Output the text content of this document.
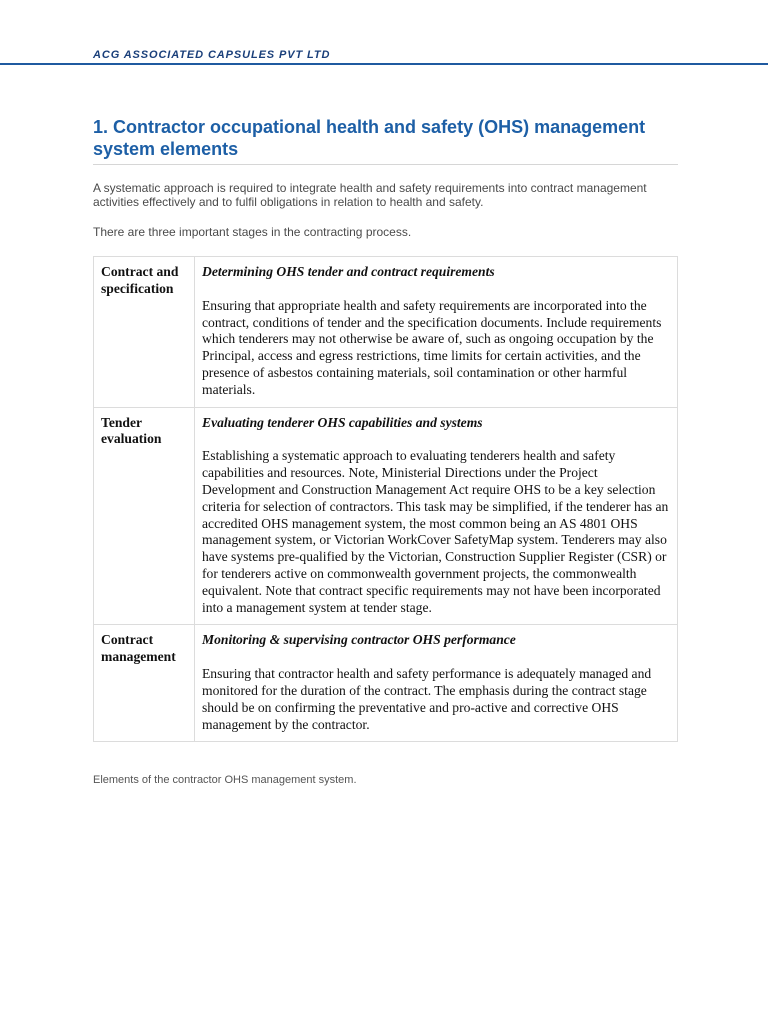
ACG ASSOCIATED CAPSULES PVT LTD
1. Contractor occupational health and safety (OHS) management system elements

A systematic approach is required to integrate health and safety requirements into contract management activities effectively and to fulfil obligations in relation to health and safety.

There are three important stages in the contracting process.

Contract and specification	Determining OHS tender and contract requirements

Ensuring that appropriate health and safety requirements are incorporated into the contract, conditions of tender and the specification documents. Include requirements which tenderers may not otherwise be aware of, such as ongoing occupation by the Principal, access and egress restrictions, time limits for certain activities, and the presence of asbestos containing materials, soil contamination or other harmful materials.

Tender evaluation	Evaluating tenderer OHS capabilities and systems

Establishing a systematic approach to evaluating tenderers health and safety capabilities and resources. Note, Ministerial Directions under the Project Development and Construction Management Act require OHS to be a key selection criteria for selection of contractors. This task may be simplified, if the tenderer has an accredited OHS management system, the most common being an AS 4801 OHS management system, or Victorian WorkCover SafetyMap system. Tenderers may also have systems pre-qualified by the Victorian, Construction Supplier Register (CSR) or for tenderers active on commonwealth government projects, the commonwealth equivalent. Note that contract specific requirements may not have been incorporated into a management system at tender stage.

Contract management	Monitoring & supervising contractor OHS performance

Ensuring that contractor health and safety performance is adequately managed and monitored for the duration of the contract. The emphasis during the contract stage should be on confirming the preventative and pro-active and corrective OHS management by the contractor.

Elements of the contractor OHS management system.
